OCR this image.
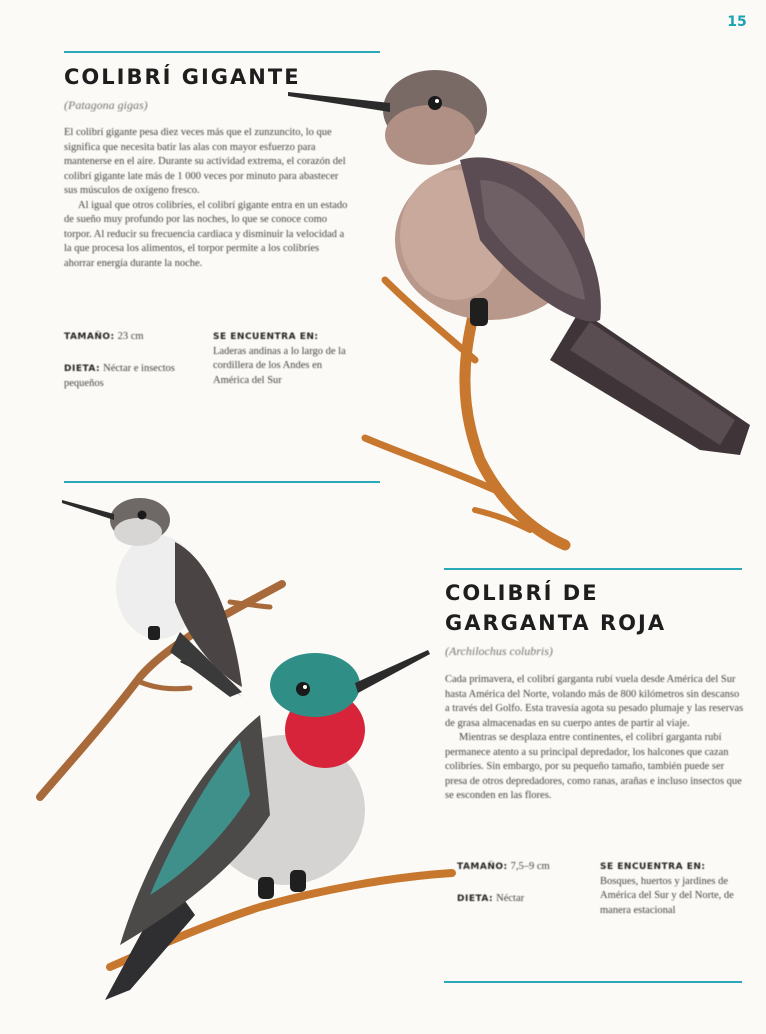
15
COLIBRÍ GIGANTE
(Patagona gigas)

El colibrí gigante pesa diez veces más que el zunzuncito, lo que significa que necesita batir las alas con mayor esfuerzo para mantenerse en el aire. Durante su actividad extrema, el corazón del colibrí gigante late más de 1 000 veces por minuto para abastecer sus músculos de oxígeno fresco.

Al igual que otros colibríes, el colibrí gigante entra en un estado de sueño muy profundo por las noches, lo que se conoce como torpor. Al reducir su frecuencia cardiaca y disminuir la velocidad a la que procesa los alimentos, el torpor permite a los colibríes ahorrar energía durante la noche.

TAMAÑO: 23 cm
DIETA: Néctar e insectos pequeños
SE ENCUENTRA EN:
Laderas andinas a lo largo de la cordillera de los Andes en América del Sur
COLIBRÍ DE
GARGANTA ROJA
(Archilochus colubris)

Cada primavera, el colibrí garganta rubí vuela desde América del Sur hasta América del Norte, volando más de 800 kilómetros sin descanso a través del Golfo. Esta travesía agota su pesado plumaje y las reservas de grasa almacenadas en su cuerpo antes de partir al viaje.

Mientras se desplaza entre continentes, el colibrí garganta rubí permanece atento a su principal depredador, los halcones que cazan colibríes. Sin embargo, por su pequeño tamaño, también puede ser presa de otros depredadores, como ranas, arañas e incluso insectos que se esconden en las flores.

TAMAÑO: 7,5–9 cm
DIETA: Néctar
SE ENCUENTRA EN:
Bosques, huertos y jardines de América del Sur y del Norte, de manera estacional
